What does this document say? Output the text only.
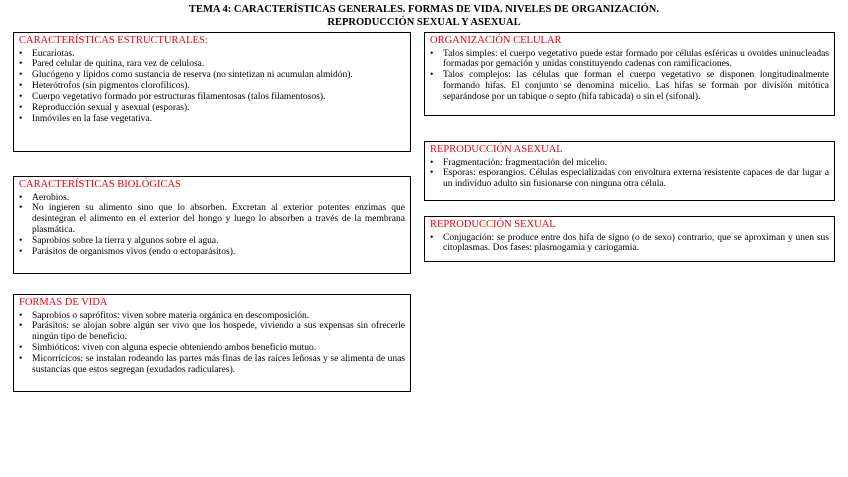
TEMA 4: CARACTERÍSTICAS GENERALES. FORMAS DE VIDA. NIVELES DE ORGANIZACIÓN.
REPRODUCCIÓN SEXUAL Y ASEXUAL
CARACTERÍSTICAS ESTRUCTURALES:
• Eucariotas.
• Pared celular de quitina, rara vez de celulosa.
• Glucógeno y lípidos como sustancia de reserva (no sintetizan ni acumulan almidón).
• Heterótrofos (sin pigmentos clorofílicos).
• Cuerpo vegetativo formado por estructuras filamentosas (talos filamentosos).
• Reproducción sexual y asexual (esporas).
• Inmóviles en la fase vegetativa.
CARACTERÍSTICAS BIOLÓGICAS
• Aerobios.
• No ingieren su alimento sino que lo absorben. Excretan al exterior potentes enzimas que desintegran el alimento en el exterior del hongo y luego lo absorben a través de la membrana plasmática.
• Saprobios sobre la tierra y algunos sobre el agua.
• Parásitos de organismos vivos (endo o ectoparásitos).
FORMAS DE VIDA
• Saprobios o saprófitos: viven sobre materia orgánica en descomposición.
• Parásitos: se alojan sobre algún ser vivo que los hospede, viviendo a sus expensas sin ofrecerle ningún tipo de beneficio.
• Simbióticos: viven con alguna especie obteniendo ambos beneficio mutuo.
• Micorrícicos: se instalan rodeando las partes más finas de las raíces leñosas y se alimenta de unas sustancias que estos segregan (exudados radiculares).
ORGANIZACIÓN CELULAR
• Talos simples: el cuerpo vegetativo puede estar formado por células esféricas u ovoides uninucleadas formadas por gemación y unidas constituyendo cadenas con ramificaciones.
• Talos complejos: las células que forman el cuerpo vegetativo se disponen longitudinalmente formando hifas. El conjunto se denomina micelio. Las hifas se forman por división mitótica separándose por un tabique o septo (hifa tabicada) o sin el (sifonal).
REPRODUCCIÓN ASEXUAL
• Fragmentación: fragmentación del micelio.
• Esporas: esporangios. Células especializadas con envoltura externa resistente capaces de dar lugar a un individuo adulto sin fusionarse con ninguna otra célula.
REPRODUCCIÓN SEXUAL
• Conjugación: se produce entre dos hifa de signo (o de sexo) contrario, que se aproximan y unen sus citoplasmas. Dos fases: plasmogamia y cariogamia.
